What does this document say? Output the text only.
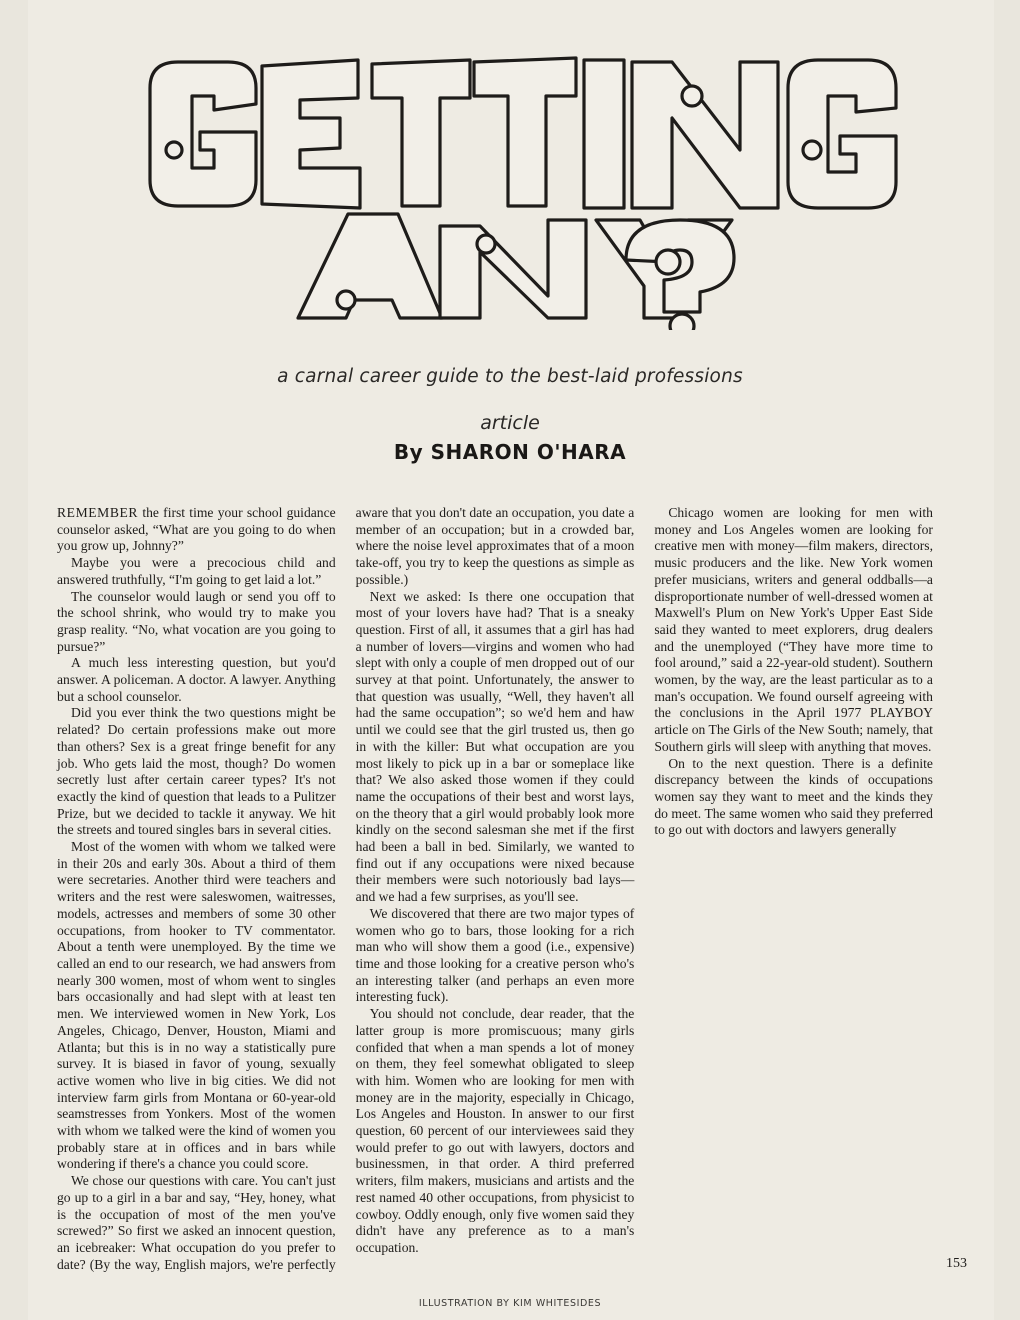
a carnal career guide to the best-laid professions
article
By SHARON O'HARA

REMEMBER the first time your school guidance counselor asked, “What are you going to do when you grow up, Johnny?”

Maybe you were a precocious child and answered truthfully, “I'm going to get laid a lot.”

The counselor would laugh or send you off to the school shrink, who would try to make you grasp reality. “No, what vocation are you going to pursue?”

A much less interesting question, but you'd answer. A policeman. A doctor. A lawyer. Anything but a school counselor.

Did you ever think the two questions might be related? Do certain professions make out more than others? Sex is a great fringe benefit for any job. Who gets laid the most, though? Do women secretly lust after certain career types? It's not exactly the kind of question that leads to a Pulitzer Prize, but we decided to tackle it anyway. We hit the streets and toured singles bars in several cities.

Most of the women with whom we talked were in their 20s and early 30s. About a third of them were secretaries. Another third were teachers and writers and the rest were saleswomen, waitresses, models, actresses and members of some 30 other occupations, from hooker to TV commentator. About a tenth were unemployed. By the time we called an end to our research, we had answers from nearly 300 women, most of whom went to singles bars occasionally and had slept with at least ten men. We interviewed women in New York, Los Angeles, Chicago, Denver, Houston, Miami and Atlanta; but this is in no way a statistically pure survey. It is biased in favor of young, sexually active women who live in big cities. We did not interview farm girls from Montana or 60-year-old seamstresses from Yonkers. Most of the women with whom we talked were the kind of women you probably stare at in offices and in bars while wondering if there's a chance you could score.

We chose our questions with care. You can't just go up to a girl in a bar and say, “Hey, honey, what is the occupation of most of the men you've screwed?” So first we asked an innocent question, an icebreaker: What occupation do you prefer to date? (By the way, English majors, we're perfectly aware that you don't date an occupation, you date a member of an occupation; but in a crowded bar, where the noise level approximates that of a moon take-off, you try to keep the questions as simple as possible.)

Next we asked: Is there one occupation that most of your lovers have had? That is a sneaky question. First of all, it assumes that a girl has had a number of lovers—virgins and women who had slept with only a couple of men dropped out of our survey at that point. Unfortunately, the answer to that question was usually, “Well, they haven't all had the same occupation”; so we'd hem and haw until we could see that the girl trusted us, then go in with the killer: But what occupation are you most likely to pick up in a bar or someplace like that? We also asked those women if they could name the occupations of their best and worst lays, on the theory that a girl would probably look more kindly on the second salesman she met if the first had been a ball in bed. Similarly, we wanted to find out if any occupations were nixed because their members were such notoriously bad lays—and we had a few surprises, as you'll see.

We discovered that there are two major types of women who go to bars, those looking for a rich man who will show them a good (i.e., expensive) time and those looking for a creative person who's an interesting talker (and perhaps an even more interesting fuck).

You should not conclude, dear reader, that the latter group is more promiscuous; many girls confided that when a man spends a lot of money on them, they feel somewhat obligated to sleep with him. Women who are looking for men with money are in the majority, especially in Chicago, Los Angeles and Houston. In answer to our first question, 60 percent of our interviewees said they would prefer to go out with lawyers, doctors and businessmen, in that order. A third preferred writers, film makers, musicians and artists and the rest named 40 other occupations, from physicist to cowboy. Oddly enough, only five women said they didn't have any preference as to a man's occupation.

Chicago women are looking for men with money and Los Angeles women are looking for creative men with money—film makers, directors, music producers and the like. New York women prefer musicians, writers and general oddballs—a disproportionate number of well-dressed women at Maxwell's Plum on New York's Upper East Side said they wanted to meet explorers, drug dealers and the unemployed (“They have more time to fool around,” said a 22-year-old student). Southern women, by the way, are the least particular as to a man's occupation. We found ourself agreeing with the conclusions in the April 1977 PLAYBOY article on The Girls of the New South; namely, that Southern girls will sleep with anything that moves.

On to the next question. There is a definite discrepancy between the kinds of occupations women say they want to meet and the kinds they do meet. The same women who said they preferred to go out with doctors and lawyers generally

153
ILLUSTRATION BY KIM WHITESIDES
